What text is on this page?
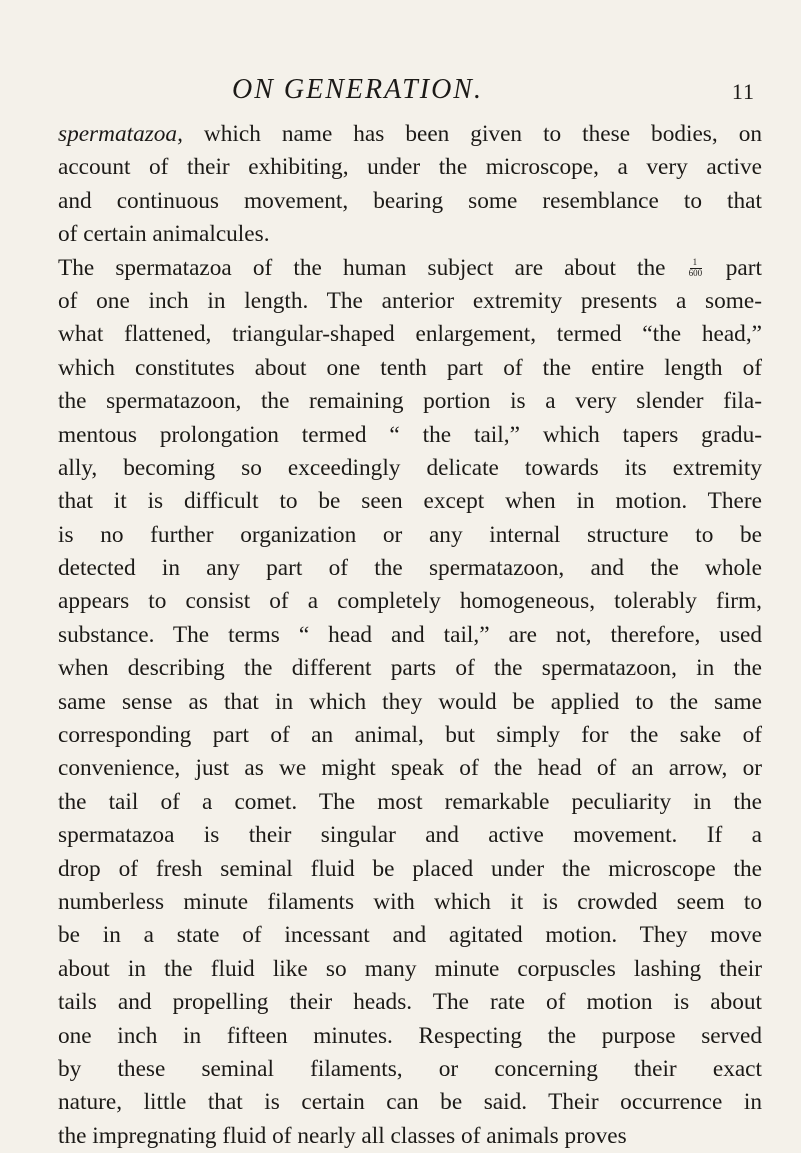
ON GENERATION.	11
spermatazoa, which name has been given to these bodies, on
account of their exhibiting, under the microscope, a very active
and continuous movement, bearing some resemblance to that
of certain animalcules.
The spermatazoa of the human subject are about the	$\frac{1}{600}$ part
of one inch in length. The anterior extremity presents a some-
what flattened, triangular-shaped enlargement, termed “the head,”
which constitutes about one tenth part of the entire length of
the spermatazoon, the remaining portion is a very slender fila-
mentous prolongation termed “ the tail,” which tapers gradu-
ally, becoming so exceedingly delicate towards its extremity
that it is difficult to be seen except when in motion. There
is no further organization or any internal structure to be
detected in any part of the spermatazoon, and the whole
appears to consist of a completely homogeneous, tolerably firm,
substance. The terms “ head and tail,” are not, therefore, used
when describing the different parts of the spermatazoon, in the
same sense as that in which they would be applied to the same
corresponding part of an animal, but simply for the sake of
convenience, just as we might speak of the head of an arrow, or
the tail of a comet. The most remarkable peculiarity in the
spermatazoa is their singular and active movement. If a
drop of fresh seminal fluid be placed under the microscope the
numberless minute filaments with which it is crowded seem to
be in a state of incessant and agitated motion. They move
about in the fluid like so many minute corpuscles lashing their
tails and propelling their heads. The rate of motion is about
one inch in fifteen minutes. Respecting the purpose served
by these seminal filaments, or concerning their exact
nature, little that is certain can be said. Their occurrence in
the impregnating fluid of nearly all classes of animals proves
